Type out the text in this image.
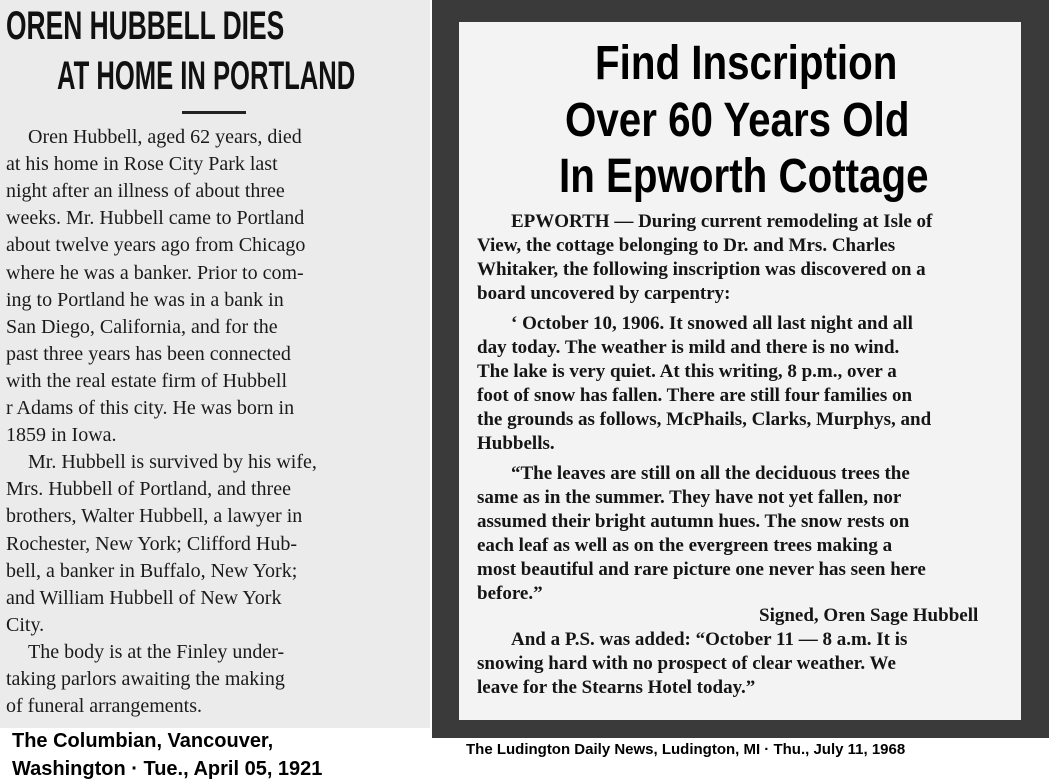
OREN HUBBELL DIES
AT HOME IN PORTLAND
Oren Hubbell, aged 62 years, died
at his home in Rose City Park last
night after an illness of about three
weeks. Mr. Hubbell came to Portland
about twelve years ago from Chicago
where he was a banker. Prior to com-
ing to Portland he was in a bank in
San Diego, California, and for the
past three years has been connected
with the real estate firm of Hubbell
r Adams of this city. He was born in
1859 in Iowa.
Mr. Hubbell is survived by his wife,
Mrs. Hubbell of Portland, and three
brothers, Walter Hubbell, a lawyer in
Rochester, New York; Clifford Hub-
bell, a banker in Buffalo, New York;
and William Hubbell of New York
City.
The body is at the Finley under-
taking parlors awaiting the making
of funeral arrangements.
The Columbian, Vancouver,
Washington · Tue., April 05, 1921
Find Inscription
Over 60 Years Old
In Epworth Cottage
EPWORTH — During current remodeling at Isle of
View, the cottage belonging to Dr. and Mrs. Charles
Whitaker, the following inscription was discovered on a
board uncovered by carpentry:
‘ October 10, 1906. It snowed all last night and all
day today. The weather is mild and there is no wind.
The lake is very quiet. At this writing, 8 p.m., over a
foot of snow has fallen. There are still four families on
the grounds as follows, McPhails, Clarks, Murphys, and
Hubbells.
“The leaves are still on all the deciduous trees the
same as in the summer. They have not yet fallen, nor
assumed their bright autumn hues. The snow rests on
each leaf as well as on the evergreen trees making a
most beautiful and rare picture one never has seen here
before.”
Signed, Oren Sage Hubbell
And a P.S. was added: “October 11 — 8 a.m. It is
snowing hard with no prospect of clear weather. We
leave for the Stearns Hotel today.”
The Ludington Daily News, Ludington, MI · Thu., July 11, 1968
